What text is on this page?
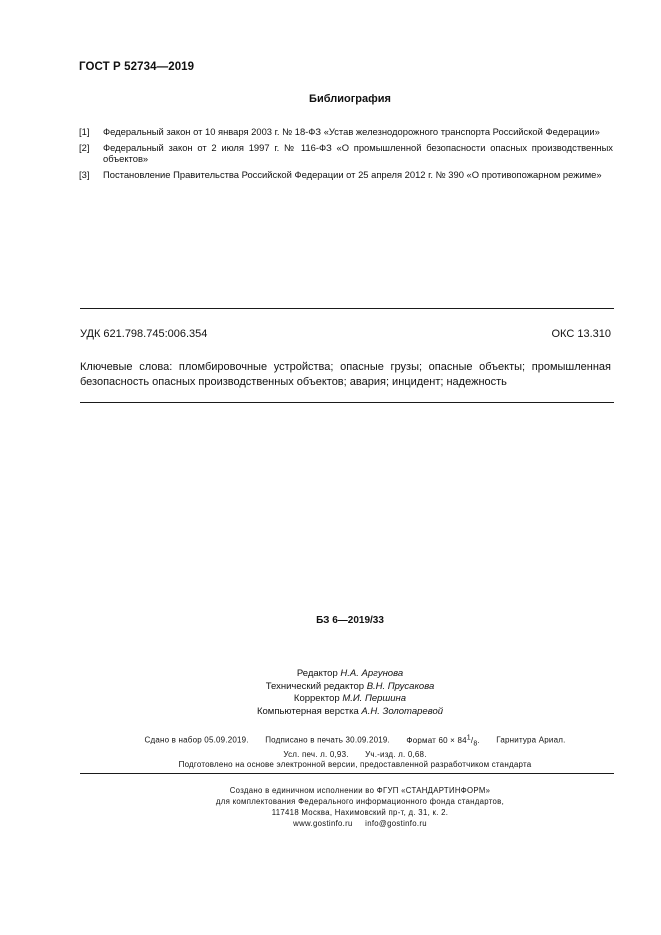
ГОСТ Р 52734—2019
Библиография
[1]	Федеральный закон от 10 января 2003 г. № 18-ФЗ «Устав железнодорожного транспорта Российской Федерации»
[2]	Федеральный закон от 2 июля 1997 г. № 116-ФЗ «О промышленной безопасности опасных производственных объектов»
[3]	Постановление Правительства Российской Федерации от 25 апреля 2012 г. № 390 «О противопожарном режиме»
УДК 621.798.745:006.354	ОКС 13.310
Ключевые слова: пломбировочные устройства; опасные грузы; опасные объекты; промышленная безопасность опасных производственных объектов; авария; инцидент; надежность
БЗ 6—2019/33
Редактор Н.А. Аргунова
Технический редактор В.Н. Прусакова
Корректор М.И. Першина
Компьютерная верстка А.Н. Золотаревой
Сдано в набор 05.09.2019. Подписано в печать 30.09.2019. Формат $60 \times 84^1/_8$. Гарнитура Ариал.
Усл. печ. л. 0,93. Уч.-изд. л. 0,68.
Подготовлено на основе электронной версии, предоставленной разработчиком стандарта
Создано в единичном исполнении во ФГУП «СТАНДАРТИНФОРМ»
для комплектования Федерального информационного фонда стандартов,
117418 Москва, Нахимовский пр-т, д. 31, к. 2.
www.gostinfo.ru info@gostinfo.ru
